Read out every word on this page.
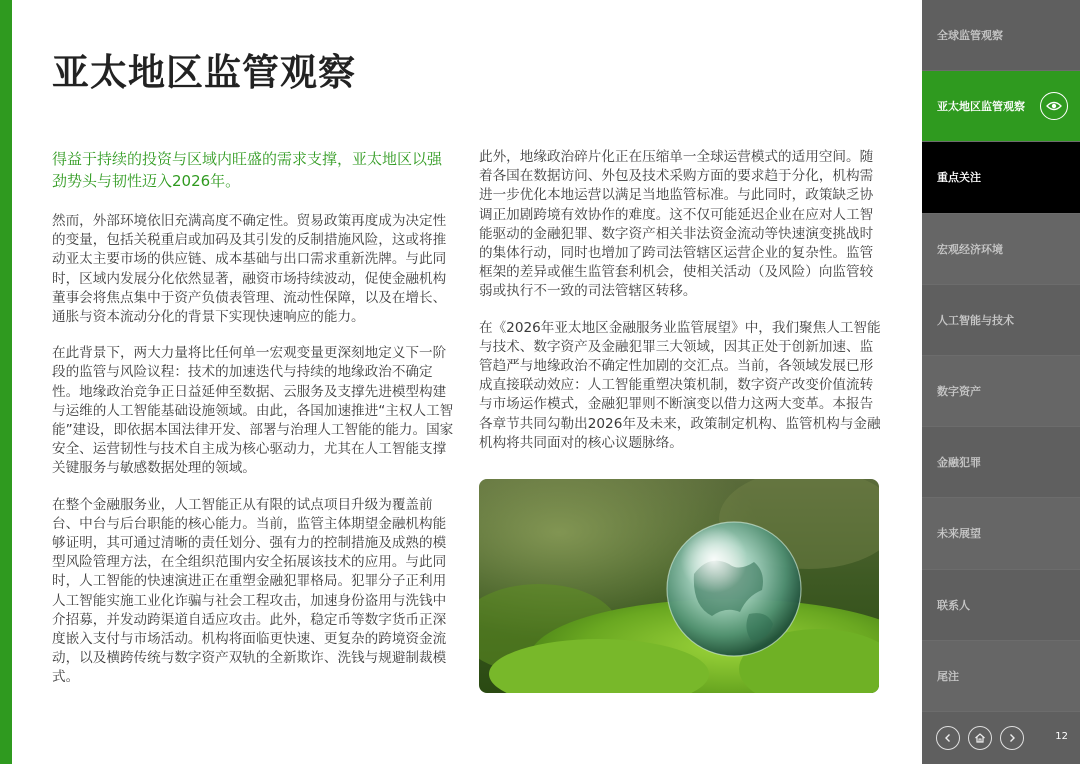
亚太地区监管观察

得益于持续的投资与区域内旺盛的需求支撑，亚太地区以强劲势头与韧性迈入2026年。

然而，外部环境依旧充满高度不确定性。贸易政策再度成为决定性的变量，包括关税重启或加码及其引发的反制措施风险，这或将推动亚太主要市场的供应链、成本基础与出口需求重新洗牌。与此同时，区域内发展分化依然显著，融资市场持续波动，促使金融机构董事会将焦点集中于资产负债表管理、流动性保障，以及在增长、通胀与资本流动分化的背景下实现快速响应的能力。

在此背景下，两大力量将比任何单一宏观变量更深刻地定义下一阶段的监管与风险议程：技术的加速迭代与持续的地缘政治不确定性。地缘政治竞争正日益延伸至数据、云服务及支撑先进模型构建与运维的人工智能基础设施领域。由此，各国加速推进“主权人工智能”建设，即依据本国法律开发、部署与治理人工智能的能力。国家安全、运营韧性与技术自主成为核心驱动力，尤其在人工智能支撑关键服务与敏感数据处理的领域。

在整个金融服务业，人工智能正从有限的试点项目升级为覆盖前台、中台与后台职能的核心能力。当前，监管主体期望金融机构能够证明，其可通过清晰的责任划分、强有力的控制措施及成熟的模型风险管理方法，在全组织范围内安全拓展该技术的应用。与此同时，人工智能的快速演进正在重塑金融犯罪格局。犯罪分子正利用人工智能实施工业化诈骗与社会工程攻击，加速身份盗用与洗钱中介招募，并发动跨渠道自适应攻击。此外，稳定币等数字货币正深度嵌入支付与市场活动。机构将面临更快速、更复杂的跨境资金流动，以及横跨传统与数字资产双轨的全新欺诈、洗钱与规避制裁模式。

此外，地缘政治碎片化正在压缩单一全球运营模式的适用空间。随着各国在数据访问、外包及技术采购方面的要求趋于分化，机构需进一步优化本地运营以满足当地监管标准。与此同时，政策缺乏协调正加剧跨境有效协作的难度。这不仅可能延迟企业在应对人工智能驱动的金融犯罪、数字资产相关非法资金流动等快速演变挑战时的集体行动，同时也增加了跨司法管辖区运营企业的复杂性。监管框架的差异或催生监管套利机会，使相关活动（及风险）向监管较弱或执行不一致的司法管辖区转移。

在《2026年亚太地区金融服务业监管展望》中，我们聚焦人工智能与技术、数字资产及金融犯罪三大领域，因其正处于创新加速、监管趋严与地缘政治不确定性加剧的交汇点。当前，各领域发展已形成直接联动效应：人工智能重塑决策机制，数字资产改变价值流转与市场运作模式，金融犯罪则不断演变以借力这两大变革。本报告各章节共同勾勒出2026年及未来，政策制定机构、监管机构与金融机构将共同面对的核心议题脉络。

全球监管观察
亚太地区监管观察
重点关注
宏观经济环境
人工智能与技术
数字资产
金融犯罪
未来展望
联系人
尾注
12
